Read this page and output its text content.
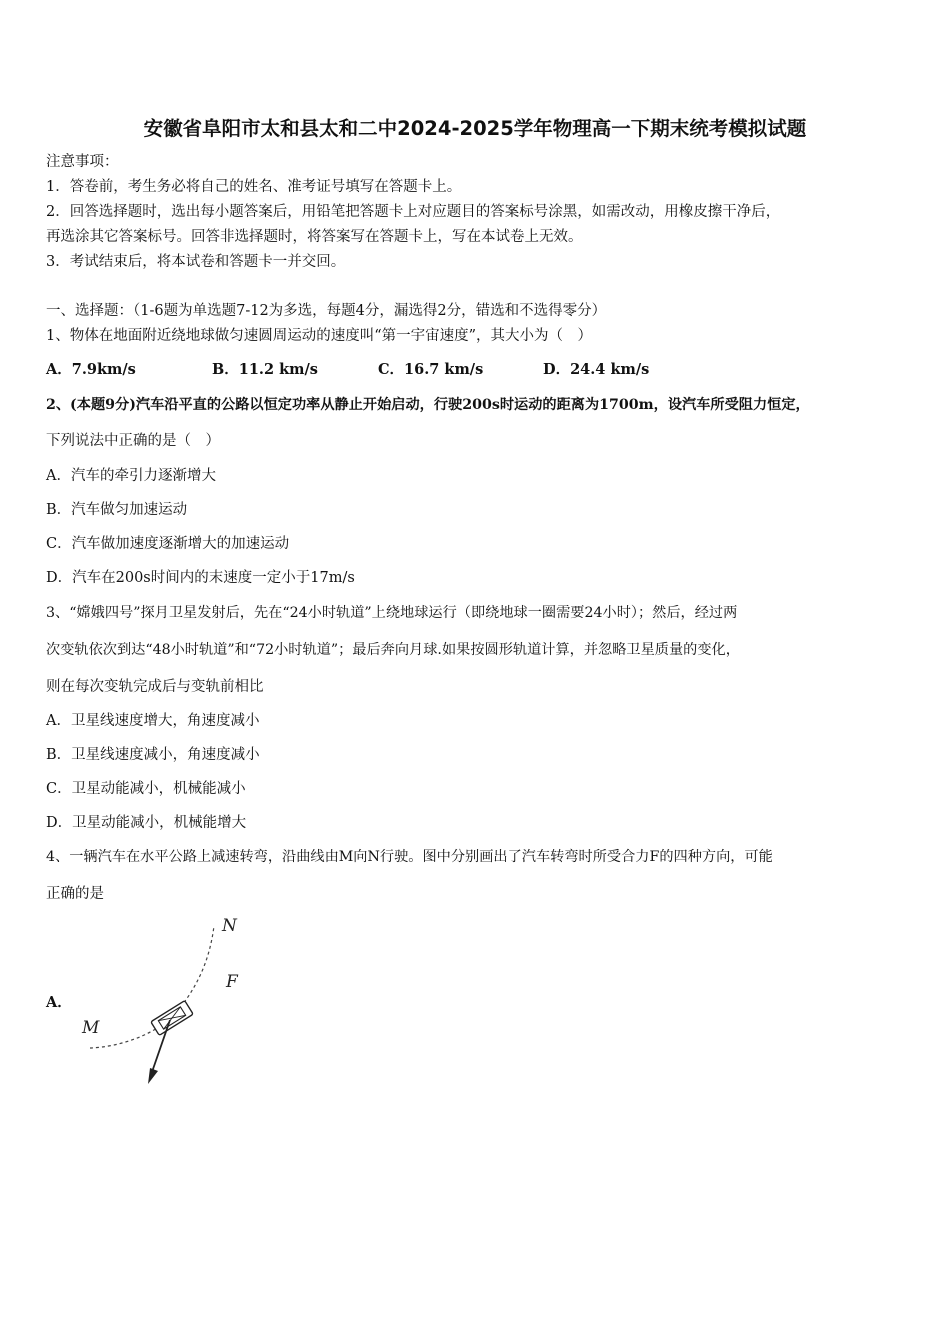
安徽省阜阳市太和县太和二中2024-2025学年物理高一下期末统考模拟试题
注意事项：
1．答卷前，考生务必将自己的姓名、准考证号填写在答题卡上。
2．回答选择题时，选出每小题答案后，用铅笔把答题卡上对应题目的答案标号涂黑，如需改动，用橡皮擦干净后，
再选涂其它答案标号。回答非选择题时，将答案写在答题卡上，写在本试卷上无效。
3．考试结束后，将本试卷和答题卡一并交回。
一、选择题：（1-6题为单选题7-12为多选，每题4分，漏选得2分，错选和不选得零分）
1、物体在地面附近绕地球做匀速圆周运动的速度叫“第一宇宙速度”，其大小为（　）
A．7.9km/s	B．11.2 km/s	C．16.7 km/s	D．24.4 km/s
2、(本题9分)汽车沿平直的公路以恒定功率从静止开始启动，行驶200s时运动的距离为1700m，设汽车所受阻力恒定，
下列说法中正确的是（　）
A．汽车的牵引力逐渐增大
B．汽车做匀加速运动
C．汽车做加速度逐渐增大的加速运动
D．汽车在200s时间内的末速度一定小于17m/s
3、“嫦娥四号”探月卫星发射后，先在“24小时轨道”上绕地球运行（即绕地球一圈需要24小时）；然后，经过两
次变轨依次到达“48小时轨道”和“72小时轨道”；最后奔向月球.如果按圆形轨道计算，并忽略卫星质量的变化，
则在每次变轨完成后与变轨前相比
A．卫星线速度增大，角速度减小
B．卫星线速度减小，角速度减小
C．卫星动能减小，机械能减小
D．卫星动能减小，机械能增大
4、一辆汽车在水平公路上减速转弯，沿曲线由M向N行驶。图中分别画出了汽车转弯时所受合力F的四种方向，可能
正确的是
A．
N
F
M
